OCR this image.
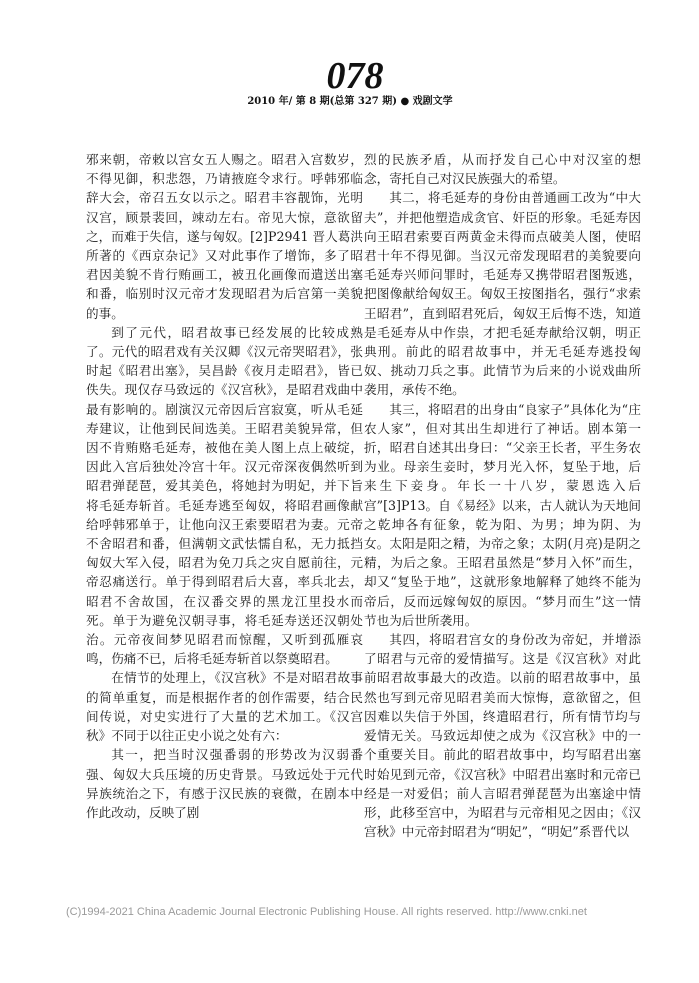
078
2010 年/ 第 8 期(总第 327 期) ● 戏剧文学

邪来朝，帝敕以宫女五人赐之。昭君入宫数岁，不得见御，积悲怨，乃请掖庭令求行。呼韩邪临辞大会，帝召五女以示之。昭君丰容靓饰，光明汉宫，顾景裴回，竦动左右。帝见大惊，意欲留之，而难于失信，遂与匈奴。[2]P2941 晋人葛洪所著的《西京杂记》又对此事作了增饰，多了昭君因美貌不肯行贿画工，被丑化画像而遣送出塞和番，临别时汉元帝才发现昭君为后宫第一美貌的事。

到了元代，昭君故事已经发展的比较成熟了。元代的昭君戏有关汉卿《汉元帝哭昭君》，张时起《昭君出塞》，吴昌龄《夜月走昭君》，皆已佚失。现仅存马致远的《汉宫秋》，是昭君戏曲中最有影响的。剧演汉元帝因后宫寂寞，听从毛延寿建议，让他到民间选美。王昭君美貌异常，但因不肯贿赂毛延寿，被他在美人图上点上破绽，因此入宫后独处冷宫十年。汉元帝深夜偶然听到昭君弹琵琶，爱其美色，将她封为明妃，并下旨将毛延寿斩首。毛延寿逃至匈奴，将昭君画像献给呼韩邪单于，让他向汉王索要昭君为妻。元帝不舍昭君和番，但满朝文武怯懦自私，无力抵挡匈奴大军入侵，昭君为免刀兵之灾自愿前往，元帝忍痛送行。单于得到昭君后大喜，率兵北去，昭君不舍故国，在汉番交界的黑龙江里投水而死。单于为避免汉朝寻事，将毛延寿送还汉朝处治。元帝夜间梦见昭君而惊醒，又听到孤雁哀鸣，伤痛不已，后将毛延寿斩首以祭奠昭君。

在情节的处理上，《汉宫秋》不是对昭君故事的简单重复，而是根据作者的创作需要，结合民间传说，对史实进行了大量的艺术加工。《汉宫秋》不同于以往正史小说之处有六：

其一，把当时汉强番弱的形势改为汉弱番强、匈奴大兵压境的历史背景。马致远处于元代异族统治之下，有感于汉民族的衰微，在剧本中作此改动，反映了剧

烈的民族矛盾，从而抒发自己心中对汉室的想念，寄托自己对汉民族强大的希望。

其二，将毛延寿的身份由普通画工改为“中大夫”，并把他塑造成贪官、奸臣的形象。毛延寿因向王昭君索要百两黄金未得而点破美人图，使昭君十年不得见御。当汉元帝发现昭君的美貌要向毛延寿兴师问罪时，毛延寿又携带昭君图叛逃，把图像献给匈奴王。匈奴王按图指名，强行“求索王昭君”，直到昭君死后，匈奴王后悔不迭，知道是毛延寿从中作祟，才把毛延寿献给汉朝，明正典刑。前此的昭君故事中，并无毛延寿逃投匈奴、挑动刀兵之事。此情节为后来的小说戏曲所袭用，承传不绝。

其三，将昭君的出身由“良家子”具体化为“庄农人家”，但对其出生却进行了神话。剧本第一折，昭君自述其出身曰：“父亲王长者，平生务农为业。母亲生妾时，梦月光入怀，复坠于地，后来生下妾身。年长一十八岁，蒙恩选入后宫”[3]P13。自《易经》以来，古人就认为天地间之乾坤各有征象，乾为阳、为男；坤为阴、为女。太阳是阳之精，为帝之象；太阴(月亮)是阴之精，为后之象。王昭君虽然是“梦月入怀”而生，却又“复坠于地”，这就形象地解释了她终不能为帝后，反而远嫁匈奴的原因。“梦月而生”这一情节也为后世所袭用。

其四，将昭君宫女的身份改为帝妃，并增添了昭君与元帝的爱情描写。这是《汉宫秋》对此前昭君故事最大的改造。以前的昭君故事中，虽然也写到元帝见昭君美而大惊悔，意欲留之，但因难以失信于外国，终遣昭君行，所有情节均与爱情无关。马致远却使之成为《汉宫秋》中的一个重要关目。前此的昭君故事中，均写昭君出塞时始见到元帝，《汉宫秋》中昭君出塞时和元帝已经是一对爱侣；前人言昭君弹琵琶为出塞途中情形，此移至宫中，为昭君与元帝相见之因由；《汉宫秋》中元帝封昭君为“明妃”，“明妃”系晋代以

(C)1994-2021 China Academic Journal Electronic Publishing House. All rights reserved. http://www.cnki.net
